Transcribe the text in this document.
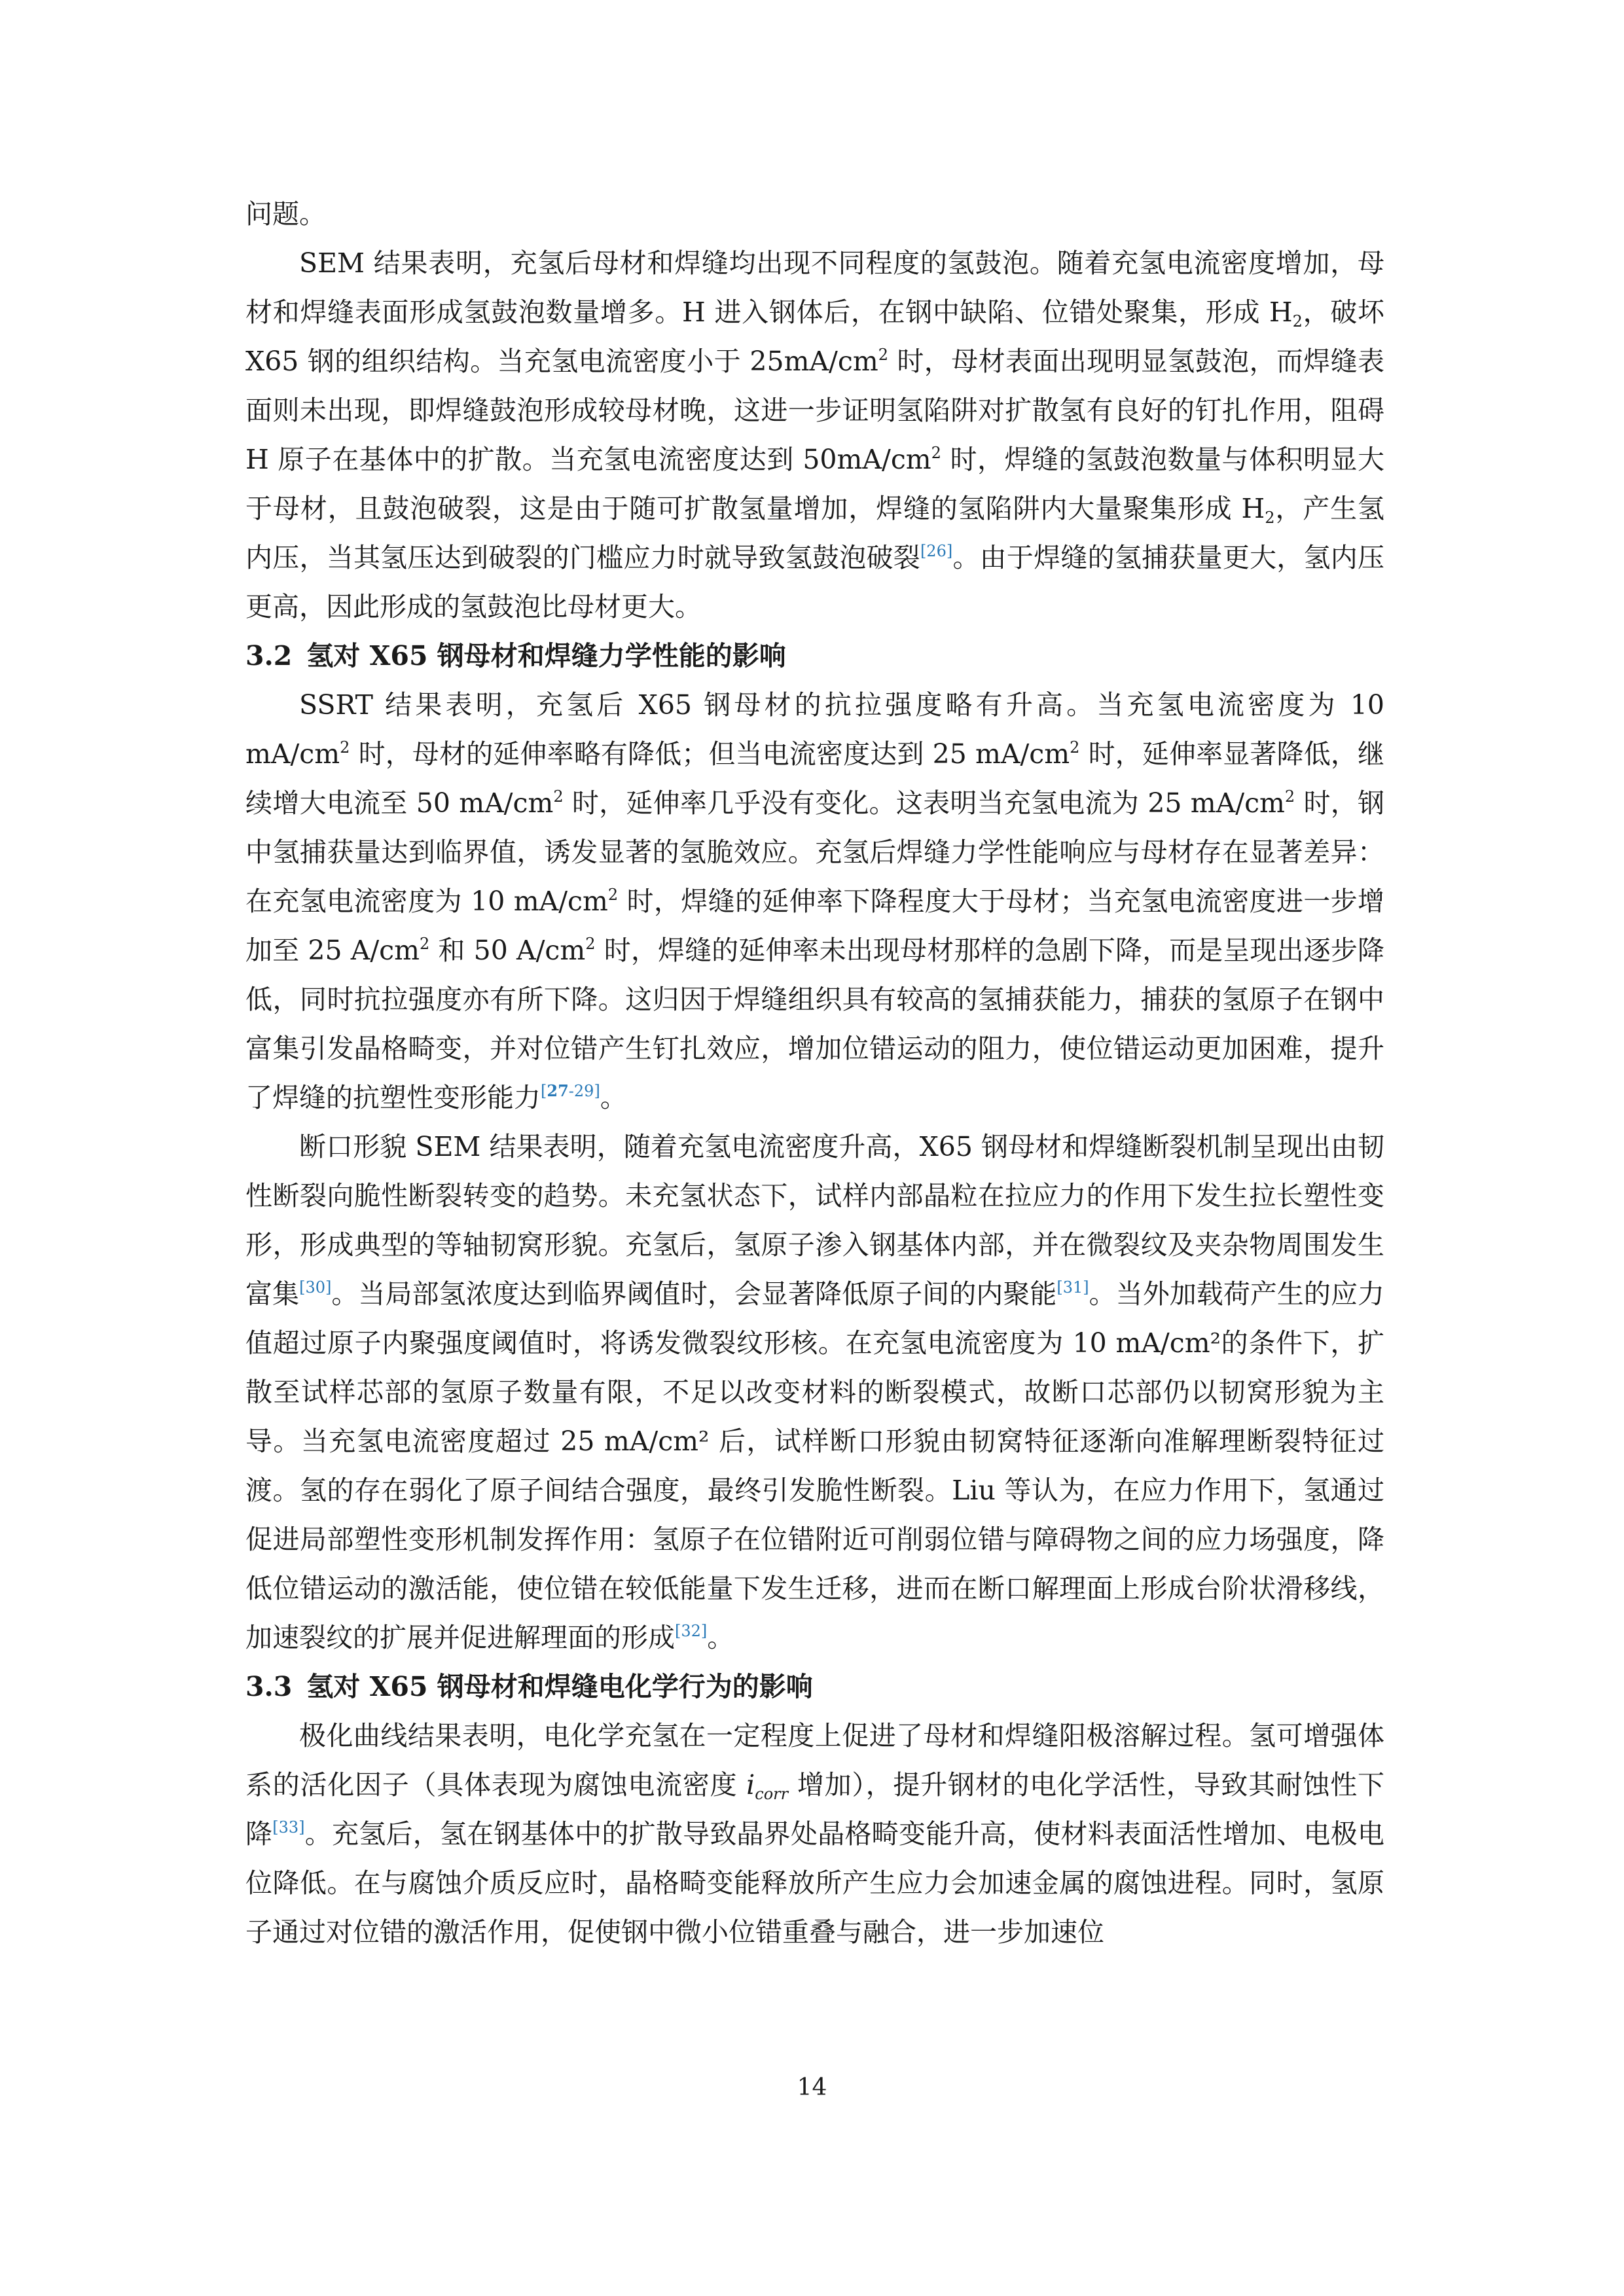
问题。

SEM 结果表明，充氢后母材和焊缝均出现不同程度的氢鼓泡。随着充氢电流密度增加，母材和焊缝表面形成氢鼓泡数量增多。H 进入钢体后，在钢中缺陷、位错处聚集，形成 $H_2$，破坏 X65 钢的组织结构。当充氢电流密度小于 $25mA/cm^2$ 时，母材表面出现明显氢鼓泡，而焊缝表面则未出现，即焊缝鼓泡形成较母材晚，这进一步证明氢陷阱对扩散氢有良好的钉扎作用，阻碍 H 原子在基体中的扩散。当充氢电流密度达到 $50mA/cm^2$ 时，焊缝的氢鼓泡数量与体积明显大于母材，且鼓泡破裂，这是由于随可扩散氢量增加，焊缝的氢陷阱内大量聚集形成 $H_2$，产生氢内压，当其氢压达到破裂的门槛应力时就导致氢鼓泡破裂[26]。由于焊缝的氢捕获量更大，氢内压更高，因此形成的氢鼓泡比母材更大。

3.2 氢对 X65 钢母材和焊缝力学性能的影响

SSRT 结果表明，充氢后 X65 钢母材的抗拉强度略有升高。当充氢电流密度为 10 $mA/cm^2$ 时，母材的延伸率略有降低；但当电流密度达到 25 $mA/cm^2$ 时，延伸率显著降低，继续增大电流至 50 $mA/cm^2$ 时，延伸率几乎没有变化。这表明当充氢电流为 25 $mA/cm^2$ 时，钢中氢捕获量达到临界值，诱发显著的氢脆效应。充氢后焊缝力学性能响应与母材存在显著差异：在充氢电流密度为 10 $mA/cm^2$ 时，焊缝的延伸率下降程度大于母材；当充氢电流密度进一步增加至 25 $A/cm^2$ 和 50 $A/cm^2$ 时，焊缝的延伸率未出现母材那样的急剧下降，而是呈现出逐步降低，同时抗拉强度亦有所下降。这归因于焊缝组织具有较高的氢捕获能力，捕获的氢原子在钢中富集引发晶格畸变，并对位错产生钉扎效应，增加位错运动的阻力，使位错运动更加困难，提升了焊缝的抗塑性变形能力[27-29]。

断口形貌 SEM 结果表明，随着充氢电流密度升高，X65 钢母材和焊缝断裂机制呈现出由韧性断裂向脆性断裂转变的趋势。未充氢状态下，试样内部晶粒在拉应力的作用下发生拉长塑性变形，形成典型的等轴韧窝形貌。充氢后，氢原子渗入钢基体内部，并在微裂纹及夹杂物周围发生富集[30]。当局部氢浓度达到临界阈值时，会显著降低原子间的内聚能[31]。当外加载荷产生的应力值超过原子内聚强度阈值时，将诱发微裂纹形核。在充氢电流密度为 10 mA/cm²的条件下，扩散至试样芯部的氢原子数量有限，不足以改变材料的断裂模式，故断口芯部仍以韧窝形貌为主导。当充氢电流密度超过 25 mA/cm² 后，试样断口形貌由韧窝特征逐渐向准解理断裂特征过渡。氢的存在弱化了原子间结合强度，最终引发脆性断裂。Liu 等认为，在应力作用下，氢通过促进局部塑性变形机制发挥作用：氢原子在位错附近可削弱位错与障碍物之间的应力场强度，降低位错运动的激活能，使位错在较低能量下发生迁移，进而在断口解理面上形成台阶状滑移线，加速裂纹的扩展并促进解理面的形成[32]。

3.3 氢对 X65 钢母材和焊缝电化学行为的影响

极化曲线结果表明，电化学充氢在一定程度上促进了母材和焊缝阳极溶解过程。氢可增强体系的活化因子（具体表现为腐蚀电流密度 $i_{corr}$ 增加），提升钢材的电化学活性，导致其耐蚀性下降[33]。充氢后，氢在钢基体中的扩散导致晶界处晶格畸变能升高，使材料表面活性增加、电极电位降低。在与腐蚀介质反应时，晶格畸变能释放所产生应力会加速金属的腐蚀进程。同时，氢原子通过对位错的激活作用，促使钢中微小位错重叠与融合，进一步加速位

14
